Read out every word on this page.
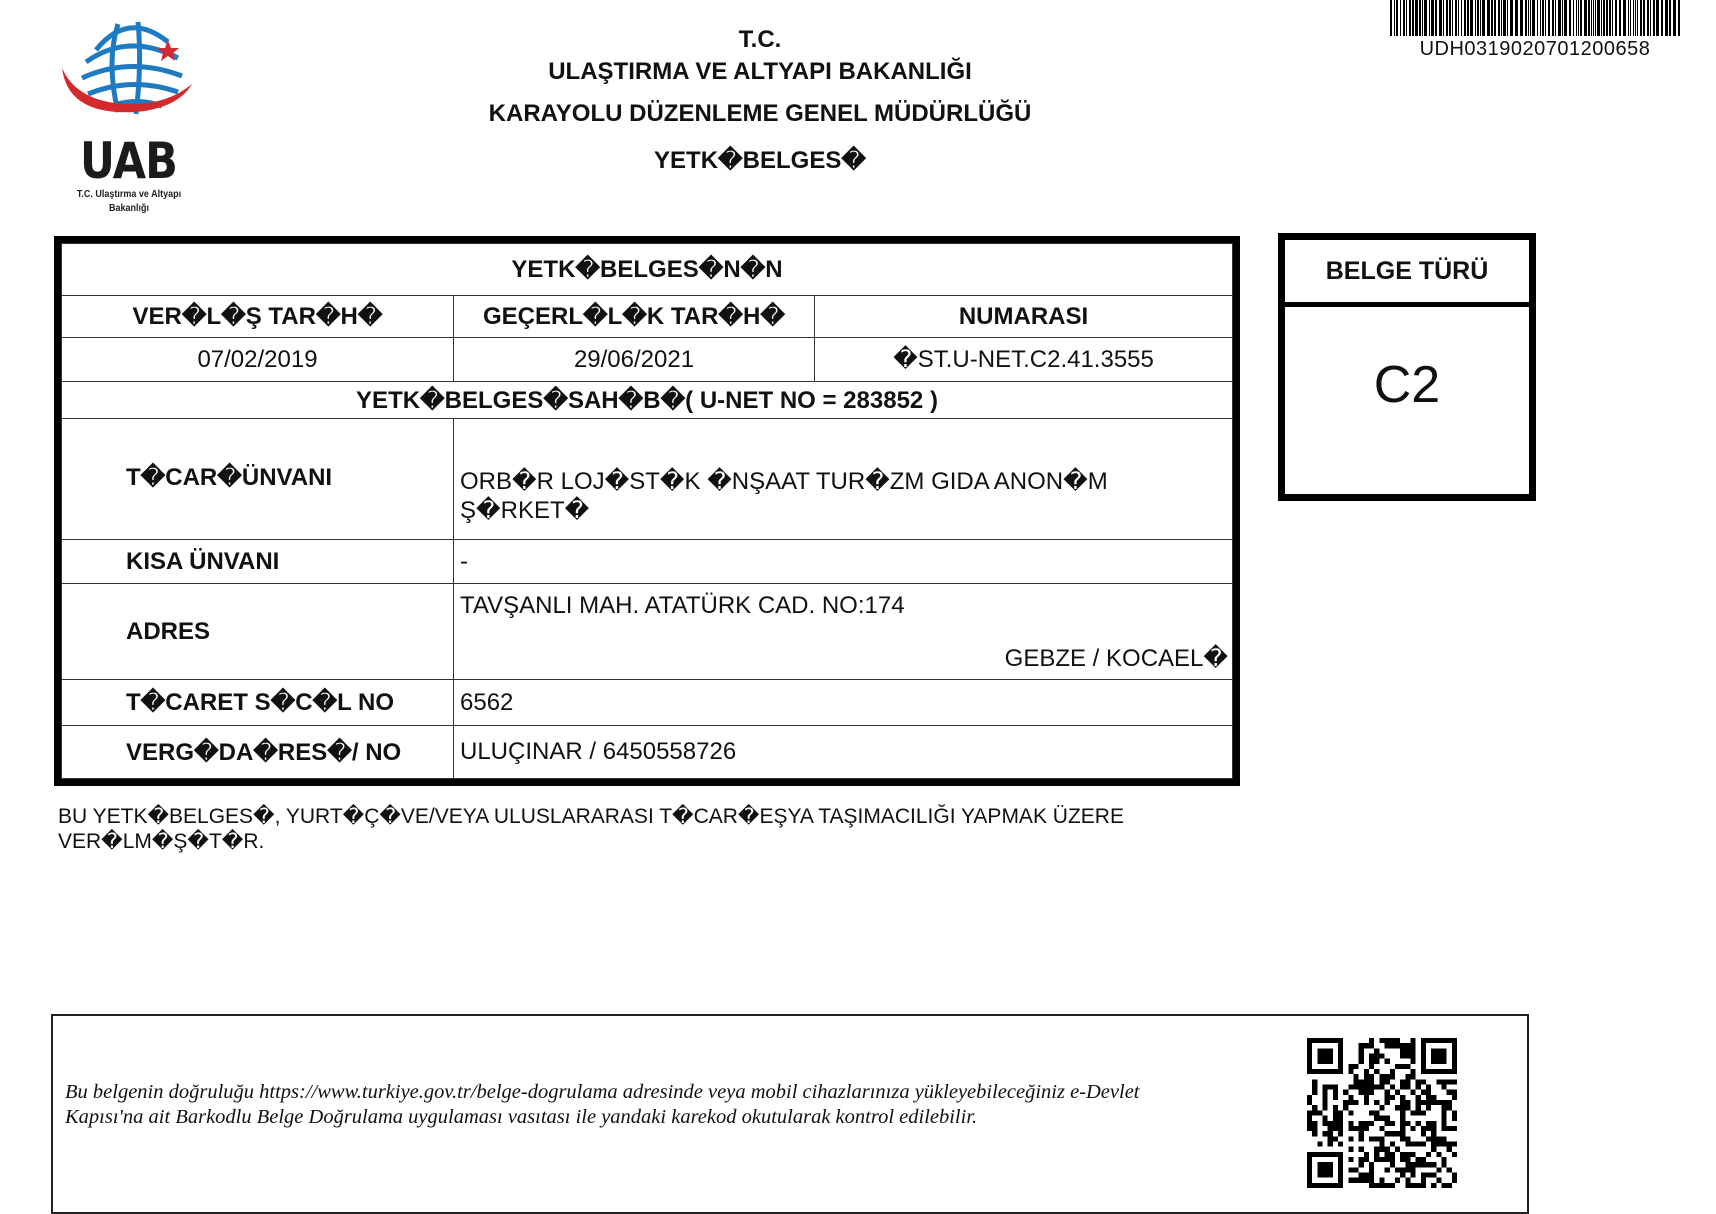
UAB
T.C. Ulaştırma ve Altyapı Bakanlığı
T.C.
ULAŞTIRMA VE ALTYAPI BAKANLIĞI
KARAYOLU DÜZENLEME GENEL MÜDÜRLÜĞÜ
YETK�BELGES�
UDH0319020701200658
YETK�BELGES�N�N		
VER�L�Ş TAR�H�	GEÇERL�L�K TAR�H�	NUMARASI
07/02/2019	29/06/2021	�ST.U-NET.C2.41.3555
YETK�BELGES�SAH�B�( U-NET NO = 283852 )		
T�CAR�ÜNVANI	ORB�R LOJ�ST�K �NŞAAT TUR�ZM GIDA ANON�M Ş�RKET�	
KISA ÜNVANI	-	
ADRES	TAVŞANLI MAH. ATATÜRK CAD. NO:174
GEBZE / KOCAEL�	

T�CARET S�C�L NO	6562	
VERG�DA�RES�/ NO	ULUÇINAR / 6450558726	
BELGE TÜRÜ
C2
BU YETK�BELGES�, YURT�Ç�VE/VEYA ULUSLARARASI T�CAR�EŞYA TAŞIMACILIĞI YAPMAK ÜZERE
VER�LM�Ş�T�R.
Bu belgenin doğruluğu https://www.turkiye.gov.tr/belge-dogrulama adresinde veya mobil cihazlarınıza yükleyebileceğiniz e-Devlet
Kapısı'na ait Barkodlu Belge Doğrulama uygulaması vasıtası ile yandaki karekod okutularak kontrol edilebilir.
